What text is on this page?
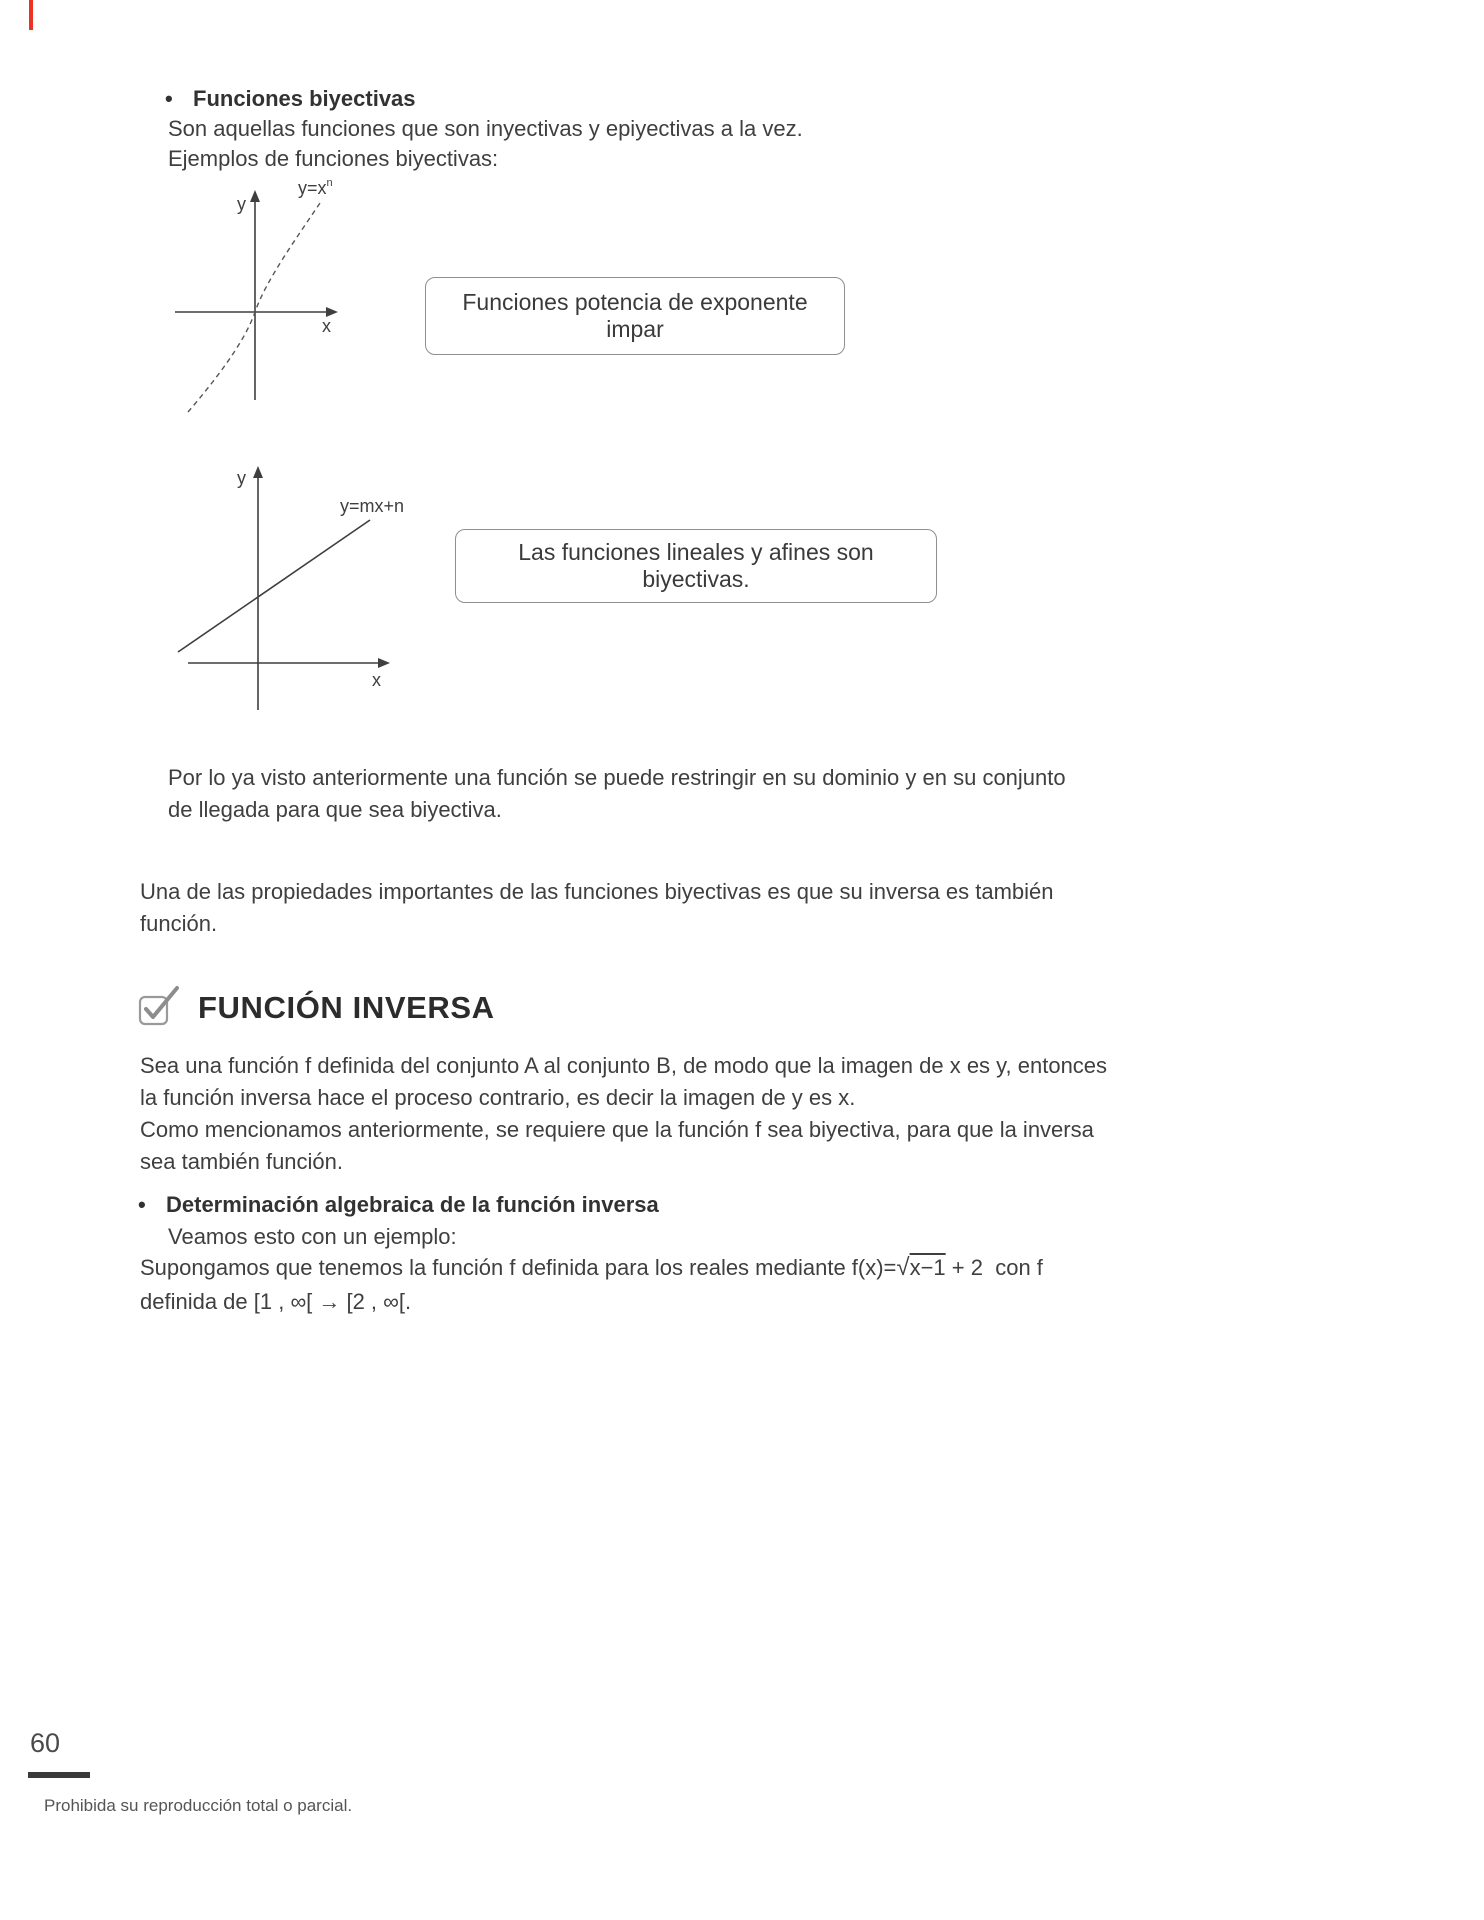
• Funciones biyectivas
Son aquellas funciones que son inyectivas y epiyectivas a la vez.
Ejemplos de funciones biyectivas:
y
x
$y=x^n$
Funciones potencia de exponente impar
y
x
y=mx+n
Las funciones lineales y afines son biyectivas.
Por lo ya visto anteriormente una función se puede restringir en su dominio y en su conjunto de llegada para que sea biyectiva.
Una de las propiedades importantes de las funciones biyectivas es que su inversa es también función.
FUNCIÓN INVERSA
Sea una función f definida del conjunto A al conjunto B, de modo que la imagen de x es y, entonces la función inversa hace el proceso contrario, es decir la imagen de y es x.
Como mencionamos anteriormente, se requiere que la función f sea biyectiva, para que la inversa sea también función.
• Determinación algebraica de la función inversa
Veamos esto con un ejemplo:
Supongamos que tenemos la función f definida para los reales mediante f(x)=√x−1 + 2  con f
definida de [1 , ∞[ → [2 , ∞[.
60
Prohibida su reproducción total o parcial.
